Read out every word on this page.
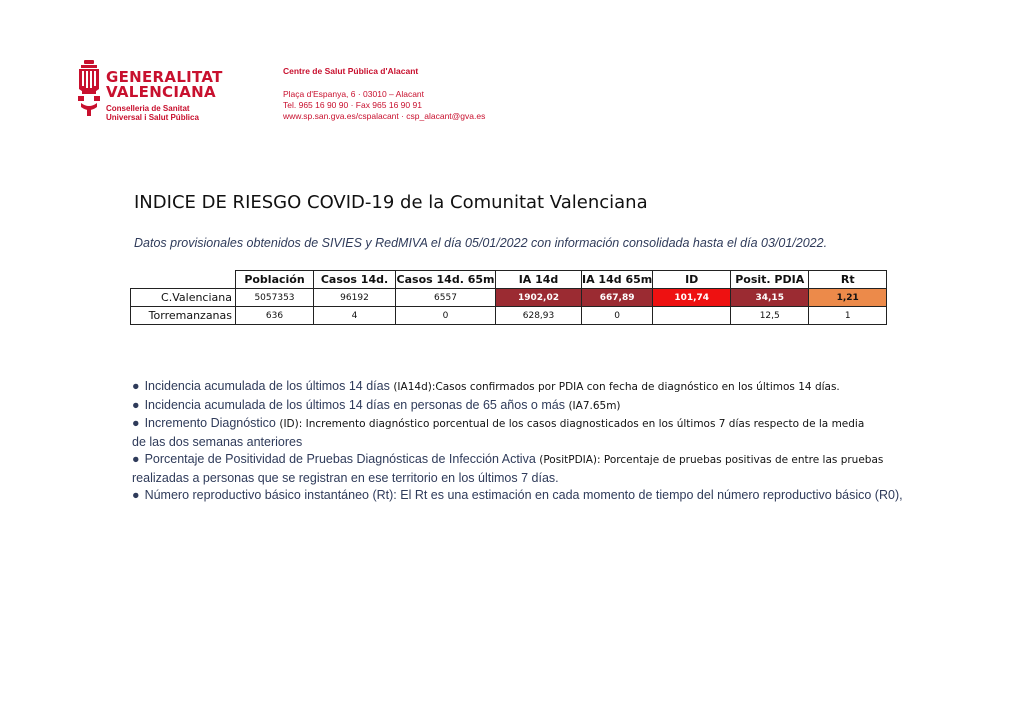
GENERALITAT
VALENCIANA
Conselleria de Sanitat
Universal i Salut Pública
Centre de Salut Pública d'Alacant
Plaça d'Espanya, 6 · 03010 – Alacant
Tel. 965 16 90 90 · Fax 965 16 90 91
www.sp.san.gva.es/cspalacant · csp_alacant@gva.es
INDICE DE RIESGO COVID-19 de la Comunitat Valenciana
Datos provisionales obtenidos de SIVIES y RedMIVA el día 05/01/2022 con información consolidada hasta el día 03/01/2022.
	Población	Casos 14d.	Casos 14d. 65m	IA 14d	IA 14d 65m	ID	Posit. PDIA	Rt
C.Valenciana	5057353	96192	6557	1902,02	667,89	101,74	34,15	1,21
Torremanzanas	636	4	0	628,93	0		12,5	1
● Incidencia acumulada de los últimos 14 días (IA14d):Casos confirmados por PDIA con fecha de diagnóstico en los últimos 14 días.
● Incidencia acumulada de los últimos 14 días en personas de 65 años o más (IA7.65m)
● Incremento Diagnóstico (ID): Incremento diagnóstico porcentual de los casos diagnosticados en los últimos 7 días respecto de la media
de las dos semanas anteriores
● Porcentaje de Positividad de Pruebas Diagnósticas de Infección Activa (PositPDIA): Porcentaje de pruebas positivas de entre las pruebas
realizadas a personas que se registran en ese territorio en los últimos 7 días.
● Número reproductivo básico instantáneo (Rt): El Rt es una estimación en cada momento de tiempo del número reproductivo básico (R0),
